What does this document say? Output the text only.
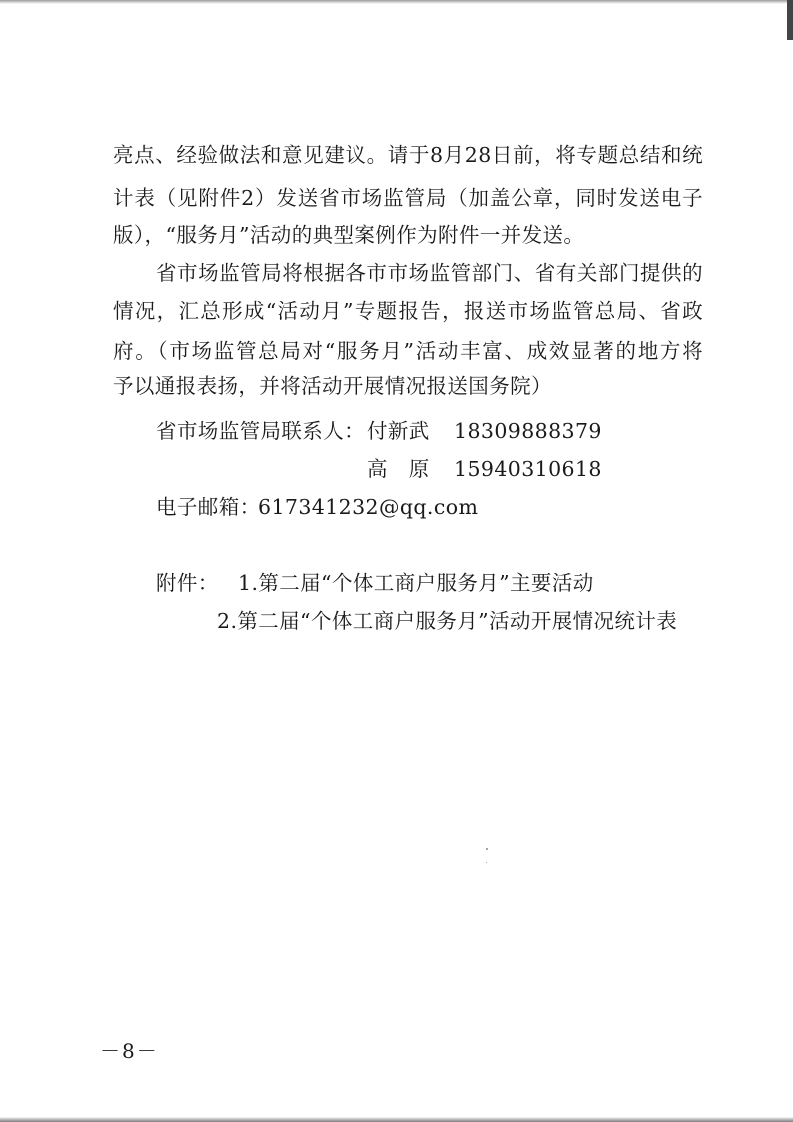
亮点、经验做法和意见建议。请于8月28日前，将专题总结和统
计表（见附件2）发送省市场监管局（加盖公章，同时发送电子
版），“服务月”活动的典型案例作为附件一并发送。
省市场监管局将根据各市市场监管部门、省有关部门提供的
情况，汇总形成“活动月”专题报告，报送市场监管总局、省政
府。（市场监管总局对“服务月”活动丰富、成效显著的地方将
予以通报表扬，并将活动开展情况报送国务院）
省市场监管局联系人： 付新武 18309888379
高　原 15940310618
电子邮箱：
617341232@qq.com
附件： 1.第二届“个体工商户服务月”主要活动
2.第二届“个体工商户服务月”活动开展情况统计表
－8－
